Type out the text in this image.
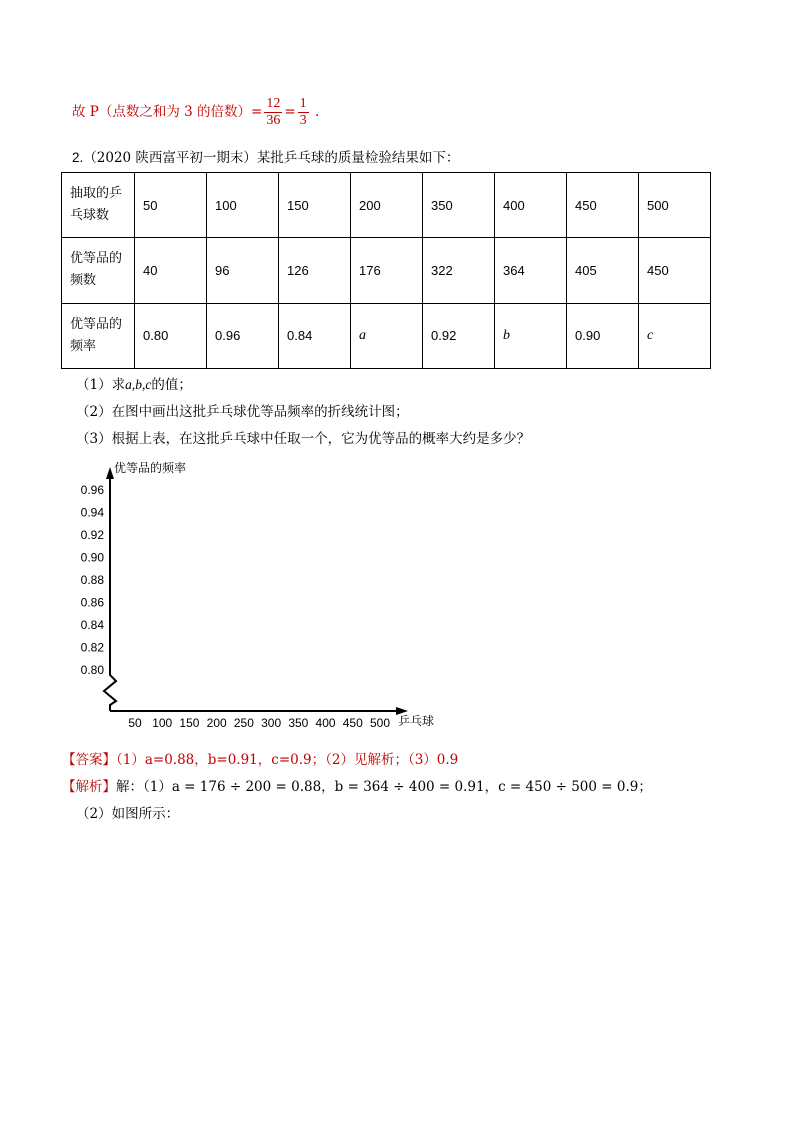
故 P（点数之和为 3 的倍数）= $\frac{12}{36} = \frac{1}{3}$ .
2.（2020 陕西富平初一期末）某批乒乓球的质量检验结果如下：
抽取的乒
乓球数	50	100	150	200	350	400	450	500

优等品的
频数	40	96	126	176	322	364	405	450

优等品的
频率	0.80	0.96	0.84	a	0.92	b	0.90	c
（1）求a,b,c的值；
（2）在图中画出这批乒乓球优等品频率的折线统计图；
（3）根据上表，在这批乒乓球中任取一个，它为优等品的概率大约是多少？
优等品的频率
乒乓球
0.96
0.94
0.92
0.90
0.88
0.86
0.84
0.82
0.80
50 100 150 200 250 300 350 400 450 500
【答案】（1）a=0.88，b=0.91，c=0.9；（2）见解析；（3）0.9
【解析】解：（1）a = 176 ÷ 200 = 0.88，b = 364 ÷ 400 = 0.91，c = 450 ÷ 500 = 0.9；
（2）如图所示：
